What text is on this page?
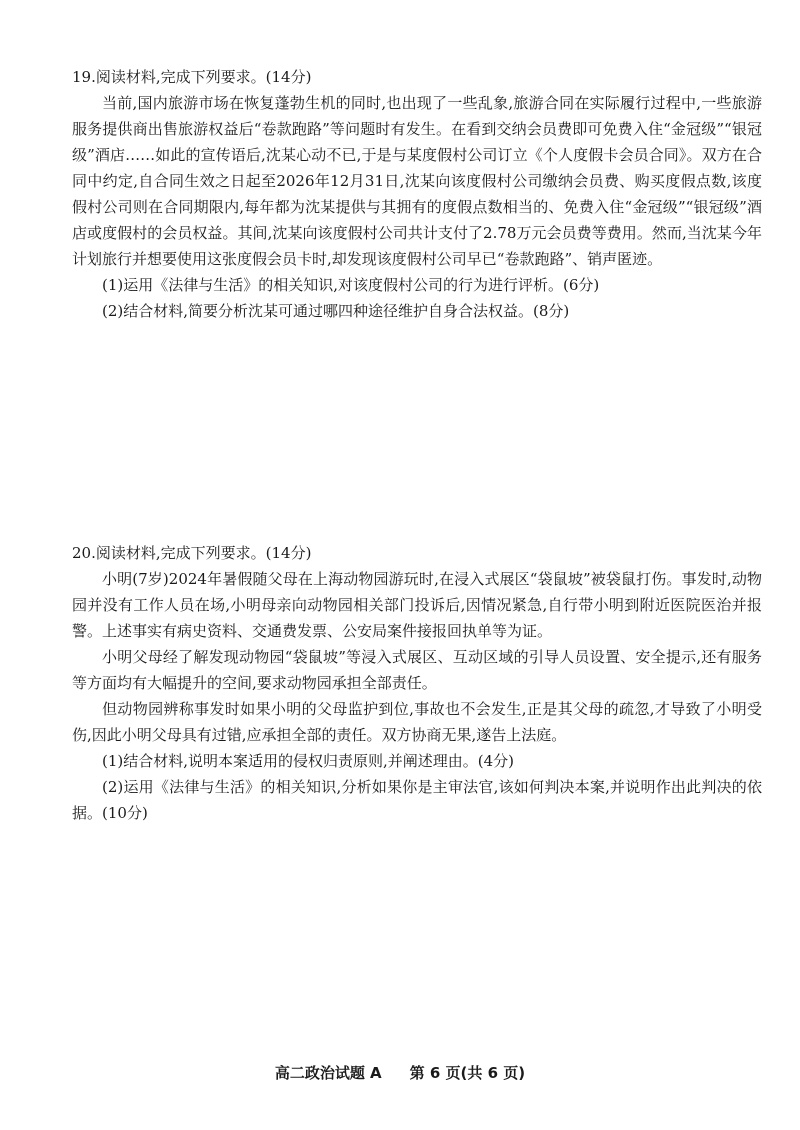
19.阅读材料,完成下列要求。(14分)

当前,国内旅游市场在恢复蓬勃生机的同时,也出现了一些乱象,旅游合同在实际履行过程中,一些旅游服务提供商出售旅游权益后“卷款跑路”等问题时有发生。在看到交纳会员费即可免费入住“金冠级”“银冠级”酒店……如此的宣传语后,沈某心动不已,于是与某度假村公司订立《个人度假卡会员合同》。双方在合同中约定,自合同生效之日起至2026年12月31日,沈某向该度假村公司缴纳会员费、购买度假点数,该度假村公司则在合同期限内,每年都为沈某提供与其拥有的度假点数相当的、免费入住“金冠级”“银冠级”酒店或度假村的会员权益。其间,沈某向该度假村公司共计支付了2.78万元会员费等费用。然而,当沈某今年计划旅行并想要使用这张度假会员卡时,却发现该度假村公司早已“卷款跑路”、销声匿迹。

(1)运用《法律与生活》的相关知识,对该度假村公司的行为进行评析。(6分)

(2)结合材料,简要分析沈某可通过哪四种途径维护自身合法权益。(8分)

20.阅读材料,完成下列要求。(14分)

小明(7岁)2024年暑假随父母在上海动物园游玩时,在浸入式展区“袋鼠坡”被袋鼠打伤。事发时,动物园并没有工作人员在场,小明母亲向动物园相关部门投诉后,因情况紧急,自行带小明到附近医院医治并报警。上述事实有病史资料、交通费发票、公安局案件接报回执单等为证。

小明父母经了解发现动物园“袋鼠坡”等浸入式展区、互动区域的引导人员设置、安全提示,还有服务等方面均有大幅提升的空间,要求动物园承担全部责任。

但动物园辨称事发时如果小明的父母监护到位,事故也不会发生,正是其父母的疏忽,才导致了小明受伤,因此小明父母具有过错,应承担全部的责任。双方协商无果,遂告上法庭。

(1)结合材料,说明本案适用的侵权归责原则,并阐述理由。(4分)

(2)运用《法律与生活》的相关知识,分析如果你是主审法官,该如何判决本案,并说明作出此判决的依据。(10分)

高二政治试题 A 第 6 页(共 6 页)
